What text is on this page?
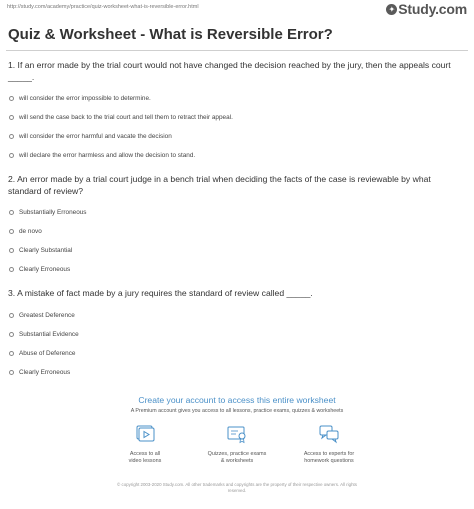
http://study.com/academy/practice/quiz-worksheet-what-is-reversible-error.html	✦ Study.com
Quiz & Worksheet - What is Reversible Error?
1. If an error made by the trial court would not have changed the decision reached by the jury, then the appeals court _____.
will consider the error impossible to determine.
will send the case back to the trial court and tell them to retract their appeal.
will consider the error harmful and vacate the decision
will declare the error harmless and allow the decision to stand.
2. An error made by a trial court judge in a bench trial when deciding the facts of the case is reviewable by what standard of review?
Substantially Erroneous
de novo
Clearly Substantial
Clearly Erroneous
3. A mistake of fact made by a jury requires the standard of review called _____.
Greatest Deference
Substantial Evidence
Abuse of Deference
Clearly Erroneous
Create your account to access this entire worksheet
A Premium account gives you access to all lessons, practice exams, quizzes & worksheets
Access to all
video lessons
Quizzes, practice exams
& worksheets
Access to experts for
homework questions
© copyright 2003-2020 Study.com. All other trademarks and copyrights are the property of their respective owners. All rights
reserved.
